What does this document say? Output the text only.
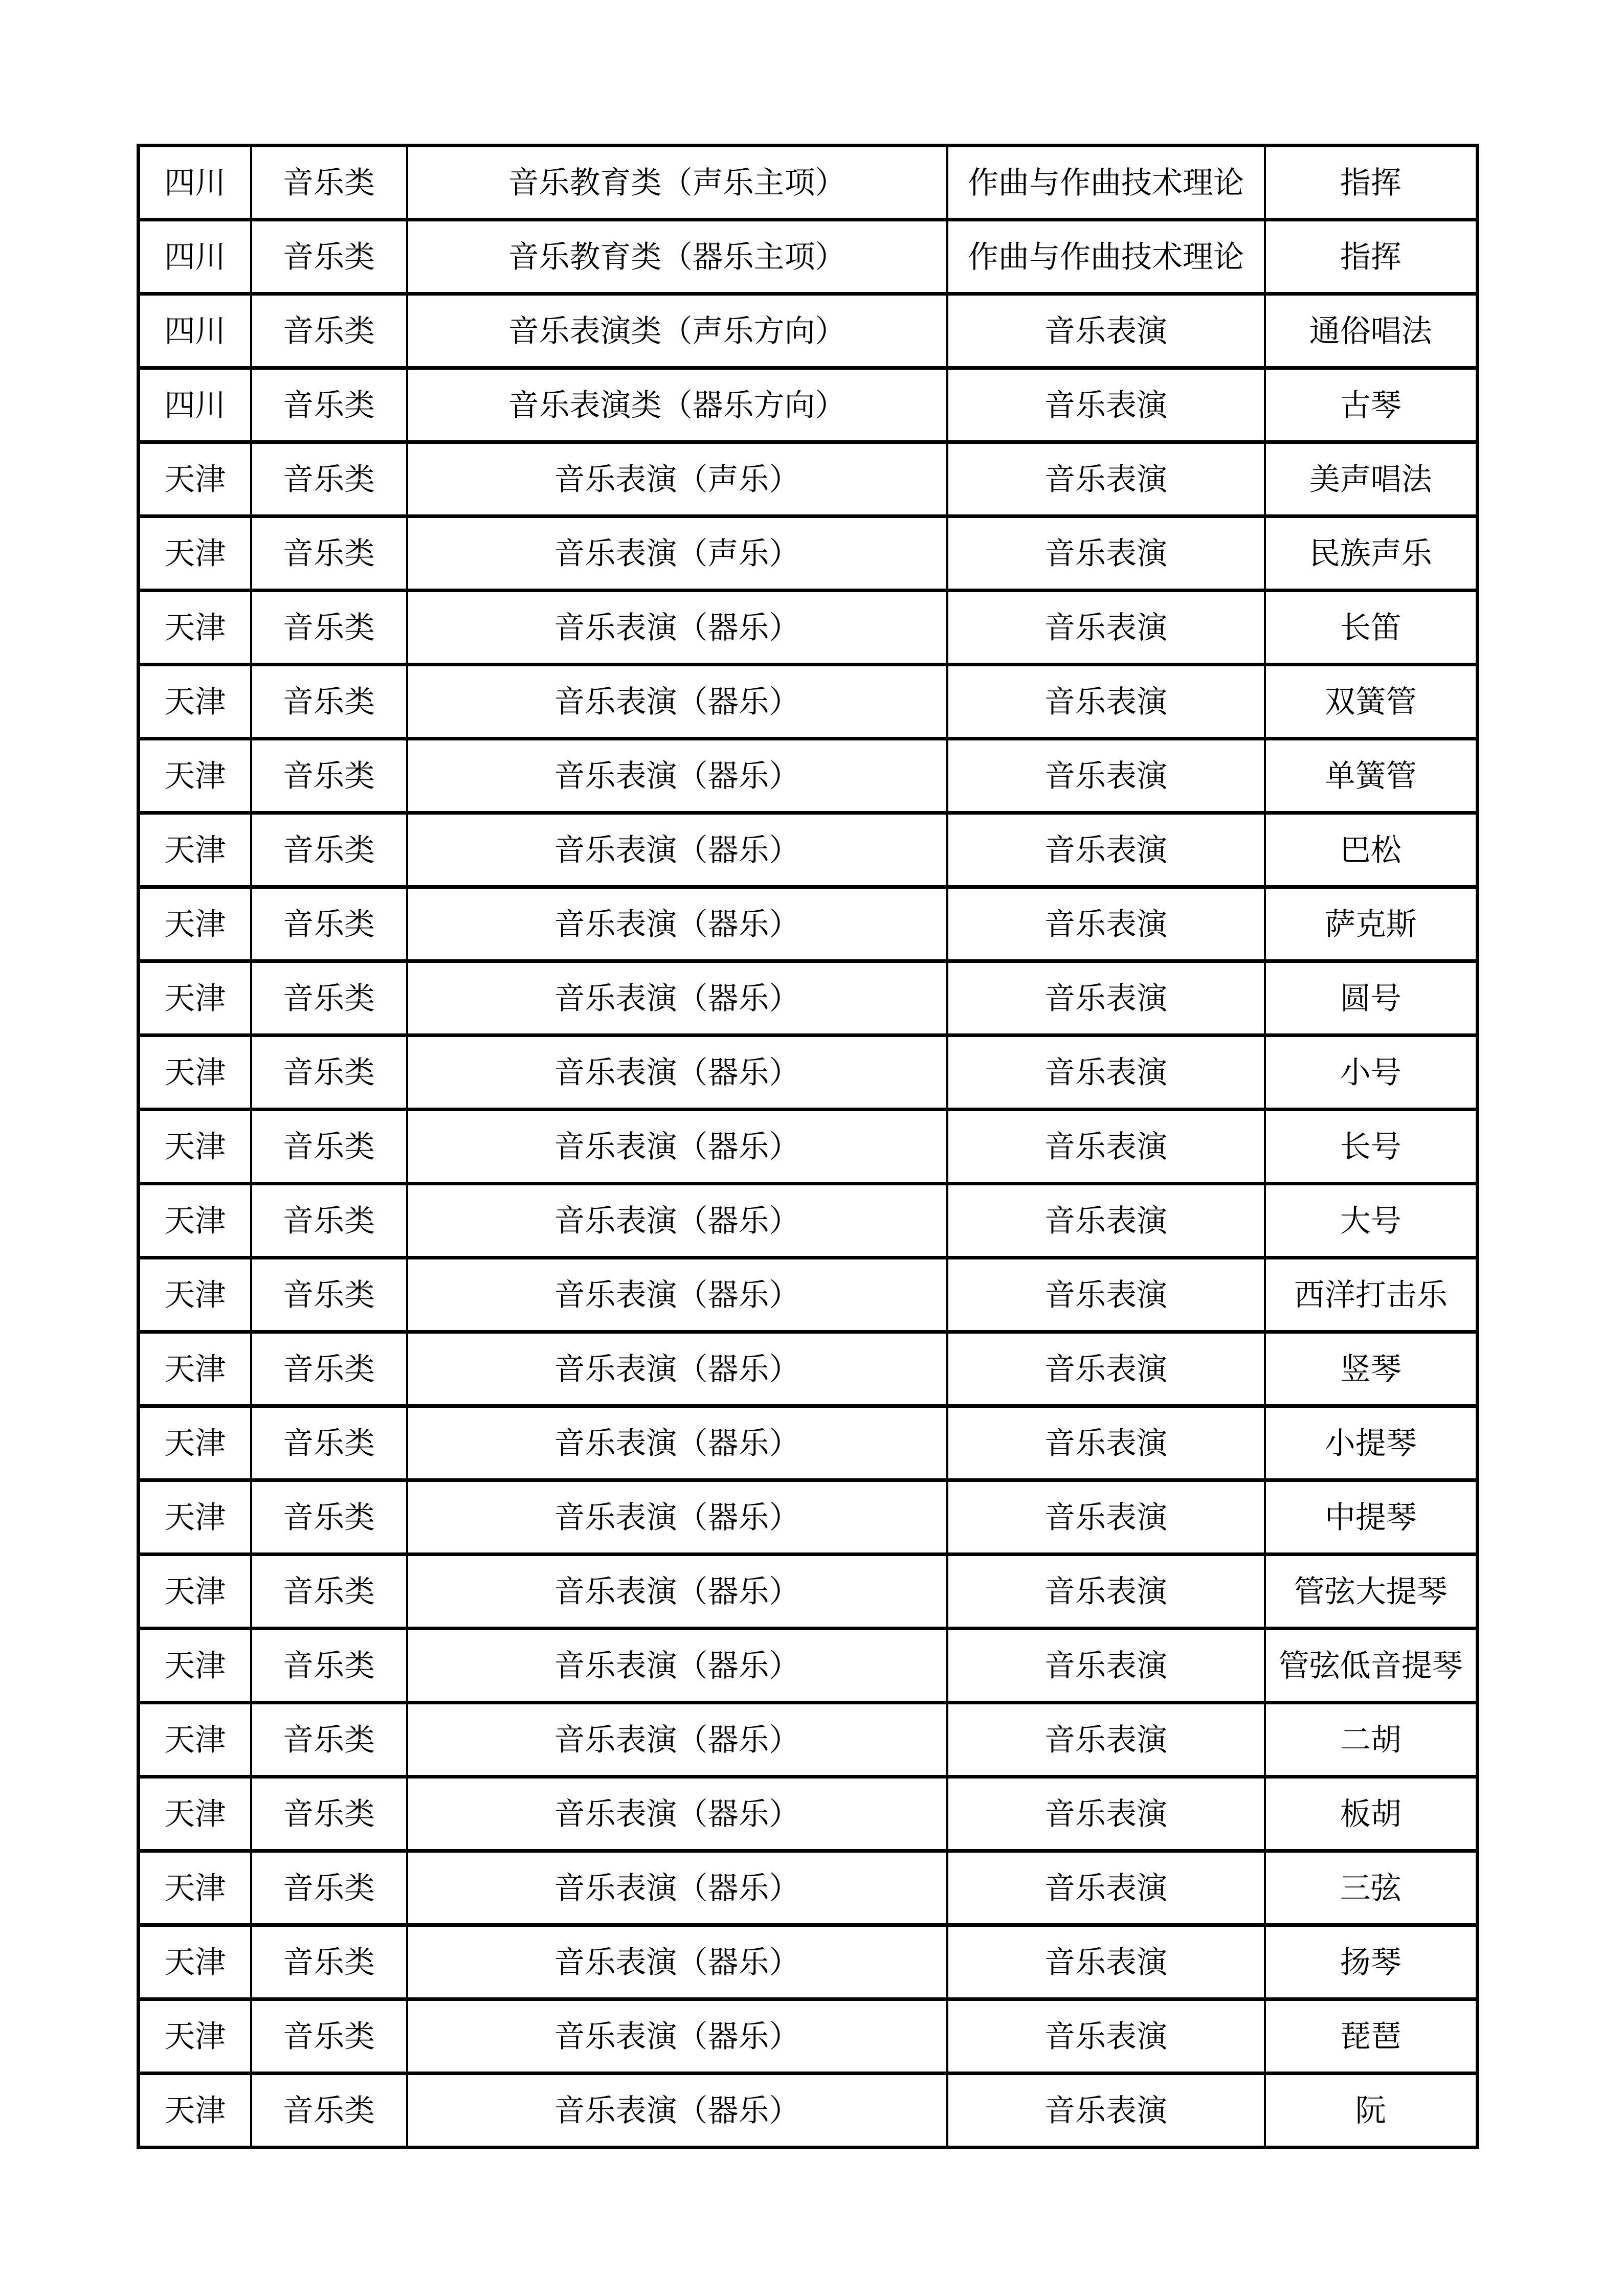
四川	音乐类	音乐教育类（声乐主项）	作曲与作曲技术理论	指挥
四川	音乐类	音乐教育类（器乐主项）	作曲与作曲技术理论	指挥
四川	音乐类	音乐表演类（声乐方向）	音乐表演	通俗唱法
四川	音乐类	音乐表演类（器乐方向）	音乐表演	古琴
天津	音乐类	音乐表演（声乐）	音乐表演	美声唱法
天津	音乐类	音乐表演（声乐）	音乐表演	民族声乐
天津	音乐类	音乐表演（器乐）	音乐表演	长笛
天津	音乐类	音乐表演（器乐）	音乐表演	双簧管
天津	音乐类	音乐表演（器乐）	音乐表演	单簧管
天津	音乐类	音乐表演（器乐）	音乐表演	巴松
天津	音乐类	音乐表演（器乐）	音乐表演	萨克斯
天津	音乐类	音乐表演（器乐）	音乐表演	圆号
天津	音乐类	音乐表演（器乐）	音乐表演	小号
天津	音乐类	音乐表演（器乐）	音乐表演	长号
天津	音乐类	音乐表演（器乐）	音乐表演	大号
天津	音乐类	音乐表演（器乐）	音乐表演	西洋打击乐
天津	音乐类	音乐表演（器乐）	音乐表演	竖琴
天津	音乐类	音乐表演（器乐）	音乐表演	小提琴
天津	音乐类	音乐表演（器乐）	音乐表演	中提琴
天津	音乐类	音乐表演（器乐）	音乐表演	管弦大提琴
天津	音乐类	音乐表演（器乐）	音乐表演	管弦低音提琴
天津	音乐类	音乐表演（器乐）	音乐表演	二胡
天津	音乐类	音乐表演（器乐）	音乐表演	板胡
天津	音乐类	音乐表演（器乐）	音乐表演	三弦
天津	音乐类	音乐表演（器乐）	音乐表演	扬琴
天津	音乐类	音乐表演（器乐）	音乐表演	琵琶
天津	音乐类	音乐表演（器乐）	音乐表演	阮
